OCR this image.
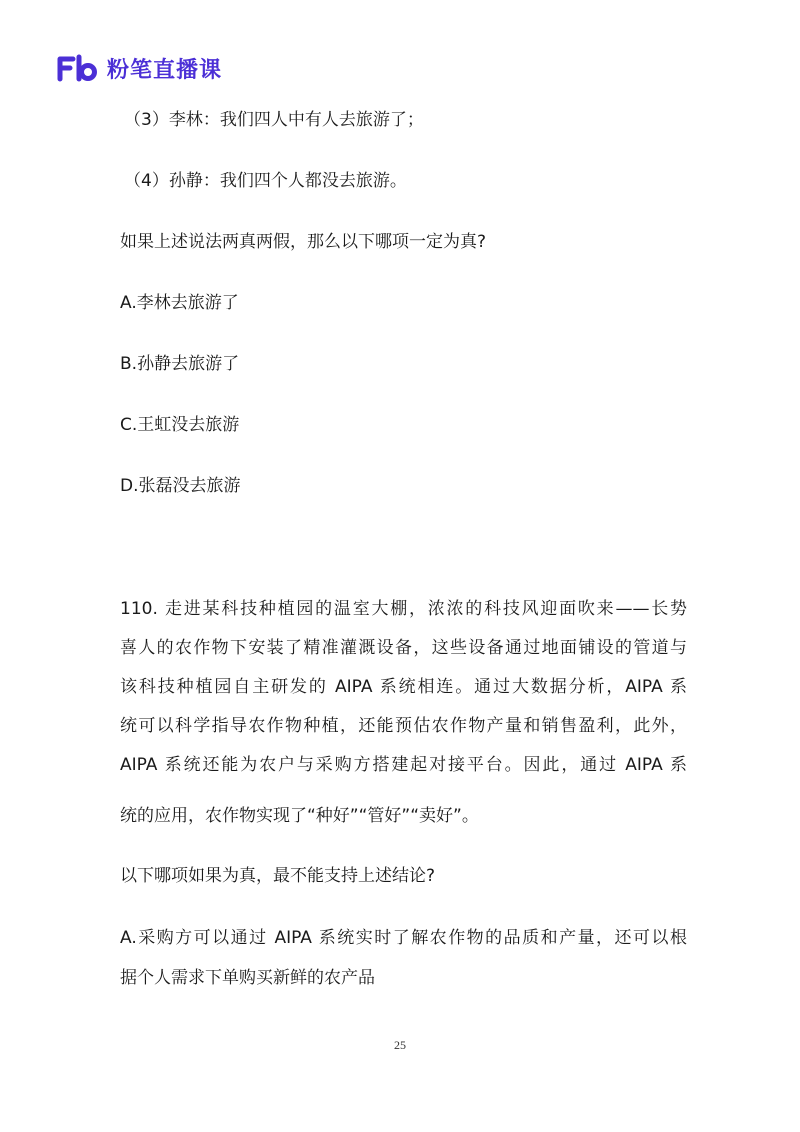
粉笔直播课
（3）李林：我们四人中有人去旅游了；
（4）孙静：我们四个人都没去旅游。
如果上述说法两真两假，那么以下哪项一定为真?
A.李林去旅游了
B.孙静去旅游了
C.王虹没去旅游
D.张磊没去旅游
110. 走进某科技种植园的温室大棚，浓浓的科技风迎面吹来——长势
喜人的农作物下安装了精准灌溉设备，这些设备通过地面铺设的管道与
该科技种植园自主研发的 AIPA 系统相连。通过大数据分析，AIPA 系
统可以科学指导农作物种植，还能预估农作物产量和销售盈利，此外，
AIPA 系统还能为农户与采购方搭建起对接平台。因此，通过 AIPA 系
统的应用，农作物实现了“种好”“管好”“卖好”。
以下哪项如果为真，最不能支持上述结论?
A.采购方可以通过 AIPA 系统实时了解农作物的品质和产量，还可以根
据个人需求下单购买新鲜的农产品
25
